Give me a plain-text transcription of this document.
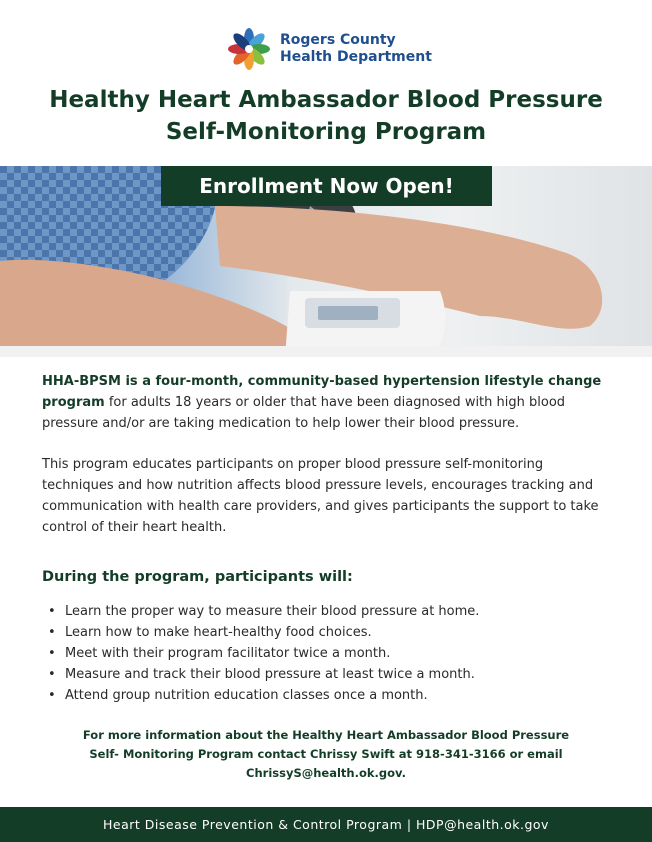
Rogers County
Health Department
Healthy Heart Ambassador Blood Pressure
Self-Monitoring Program
Enrollment Now Open!

HHA-BPSM is a four-month, community-based hypertension lifestyle change program for adults 18 years or older that have been diagnosed with high blood pressure and/or are taking medication to help lower their blood pressure.

This program educates participants on proper blood pressure self-monitoring techniques and how nutrition affects blood pressure levels, encourages tracking and communication with health care providers, and gives participants the support to take control of their heart health.

During the program, participants will:
• Learn the proper way to measure their blood pressure at home.
• Learn how to make heart-healthy food choices.
• Meet with their program facilitator twice a month.
• Measure and track their blood pressure at least twice a month.
• Attend group nutrition education classes once a month.
For more information about the Healthy Heart Ambassador Blood Pressure
Self- Monitoring Program contact Chrissy Swift at 918-341-3166 or email
ChrissyS@health.ok.gov.
Heart Disease Prevention & Control Program | HDP@health.ok.gov
